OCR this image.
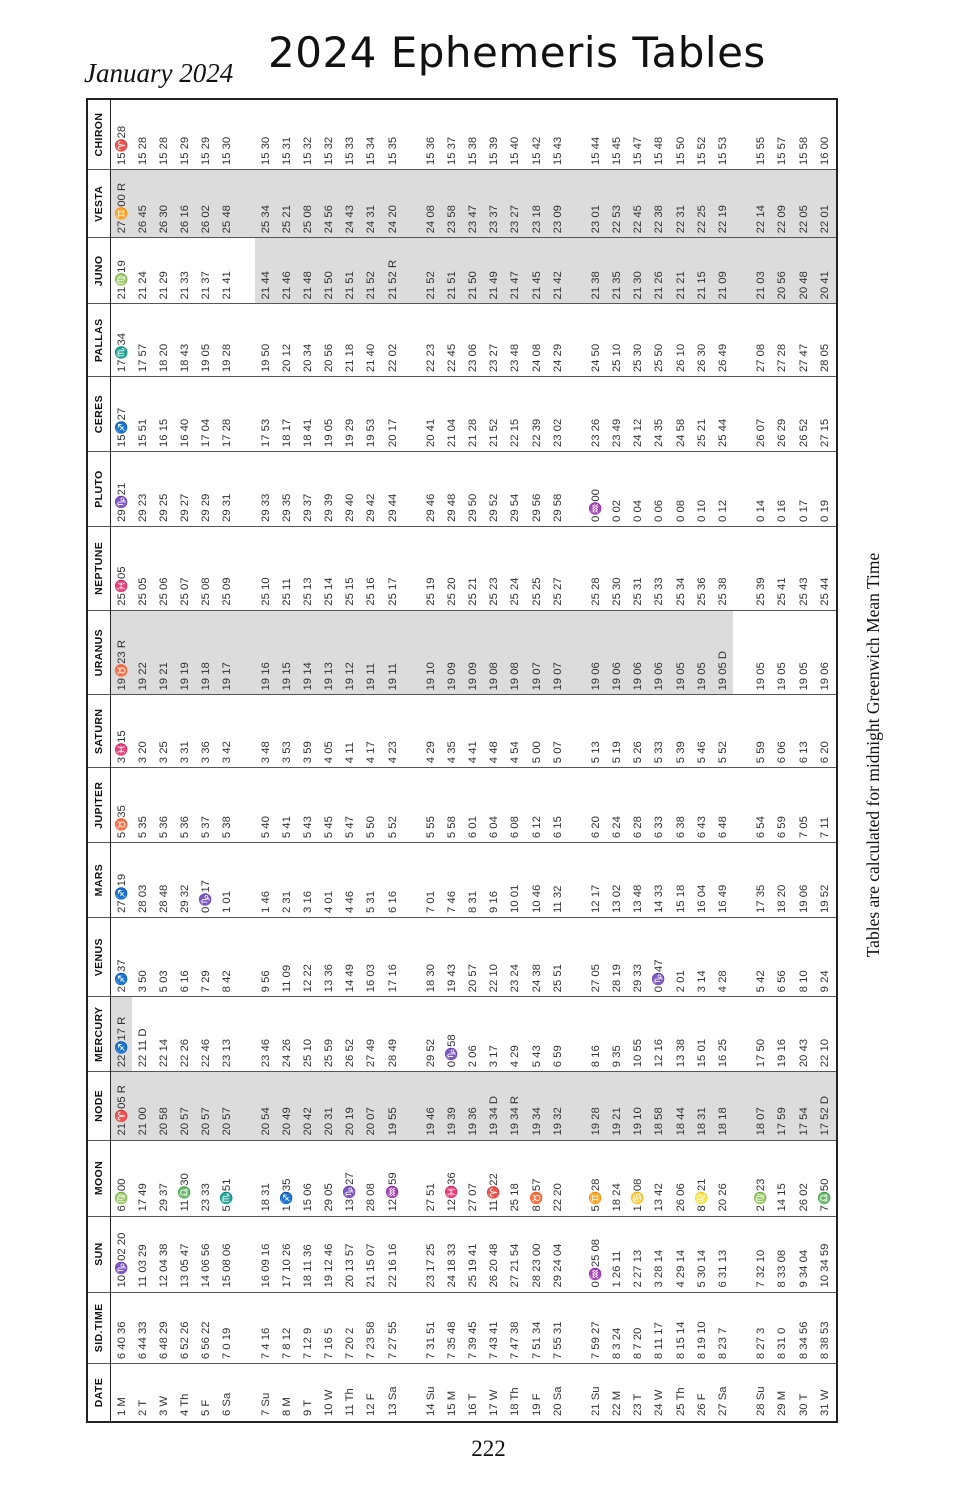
2024 Ephemeris Tables
January 2024
DATE	SID.TIME	SUN	MOON	NODE	MERCURY	VENUS	MARS	JUPITER	SATURN	URANUS	NEPTUNE	PLUTO	CERES	PALLAS	JUNO	VESTA	CHIRON
1 M	6 40 36	10♑02 20	6♍00	21♈05 R	22♐17 R	2♐37	27♐19	5♉35	3♓15	19♉23 R	25♓05	29♑21	15♐27	17♏34	21♍19	27♊00 R	15♈28
2 T	6 44 33	11 03 29	17 49	21 00	22 11 D	3 50	28 03	5 35	3 20	19 22	25 05	29 23	15 51	17 57	21 24	26 45	15 28
3 W	6 48 29	12 04 38	29 37	20 58	22 14	5 03	28 48	5 36	3 25	19 21	25 06	29 25	16 15	18 20	21 29	26 30	15 28
4 Th	6 52 26	13 05 47	11♎30	20 57	22 26	6 16	29 32	5 36	3 31	19 19	25 07	29 27	16 40	18 43	21 33	26 16	15 29
5 F	6 56 22	14 06 56	23 33	20 57	22 46	7 29	0♑17	5 37	3 36	19 18	25 08	29 29	17 04	19 05	21 37	26 02	15 29
6 Sa	7 0 19	15 08 06	5♏51	20 57	23 13	8 42	1 01	5 38	3 42	19 17	25 09	29 31	17 28	19 28	21 41	25 48	15 30

7 Su	7 4 16	16 09 16	18 31	20 54	23 46	9 56	1 46	5 40	3 48	19 16	25 10	29 33	17 53	19 50	21 44	25 34	15 30
8 M	7 8 12	17 10 26	1♐35	20 49	24 26	11 09	2 31	5 41	3 53	19 15	25 11	29 35	18 17	20 12	21 46	25 21	15 31
9 T	7 12 9	18 11 36	15 06	20 42	25 10	12 22	3 16	5 43	3 59	19 14	25 13	29 37	18 41	20 34	21 48	25 08	15 32
10 W	7 16 5	19 12 46	29 05	20 31	25 59	13 36	4 01	5 45	4 05	19 13	25 14	29 39	19 05	20 56	21 50	24 56	15 32
11 Th	7 20 2	20 13 57	13♑27	20 19	26 52	14 49	4 46	5 47	4 11	19 12	25 15	29 40	19 29	21 18	21 51	24 43	15 33
12 F	7 23 58	21 15 07	28 08	20 07	27 49	16 03	5 31	5 50	4 17	19 11	25 16	29 42	19 53	21 40	21 52	24 31	15 34
13 Sa	7 27 55	22 16 16	12♒59	19 55	28 49	17 16	6 16	5 52	4 23	19 11	25 17	29 44	20 17	22 02	21 52 R	24 20	15 35

14 Su	7 31 51	23 17 25	27 51	19 46	29 52	18 30	7 01	5 55	4 29	19 10	25 19	29 46	20 41	22 23	21 52	24 08	15 36
15 M	7 35 48	24 18 33	12♓36	19 39	0♑58	19 43	7 46	5 58	4 35	19 09	25 20	29 48	21 04	22 45	21 51	23 58	15 37
16 T	7 39 45	25 19 41	27 07	19 36	2 06	20 57	8 31	6 01	4 41	19 09	25 21	29 50	21 28	23 06	21 50	23 47	15 38
17 W	7 43 41	26 20 48	11♈22	19 34 D	3 17	22 10	9 16	6 04	4 48	19 08	25 23	29 52	21 52	23 27	21 49	23 37	15 39
18 Th	7 47 38	27 21 54	25 18	19 34 R	4 29	23 24	10 01	6 08	4 54	19 08	25 24	29 54	22 15	23 48	21 47	23 27	15 40
19 F	7 51 34	28 23 00	8♉57	19 34	5 43	24 38	10 46	6 12	5 00	19 07	25 25	29 56	22 39	24 08	21 45	23 18	15 42
20 Sa	7 55 31	29 24 04	22 20	19 32	6 59	25 51	11 32	6 15	5 07	19 07	25 27	29 58	23 02	24 29	21 42	23 09	15 43

21 Su	7 59 27	0♒25 08	5♊28	19 28	8 16	27 05	12 17	6 20	5 13	19 06	25 28	0♒00	23 26	24 50	21 38	23 01	15 44
22 M	8 3 24	1 26 11	18 24	19 21	9 35	28 19	13 02	6 24	5 19	19 06	25 30	0 02	23 49	25 10	21 35	22 53	15 45
23 T	8 7 20	2 27 13	1♋08	19 10	10 55	29 33	13 48	6 28	5 26	19 06	25 31	0 04	24 12	25 30	21 30	22 45	15 47
24 W	8 11 17	3 28 14	13 42	18 58	12 16	0♑47	14 33	6 33	5 33	19 06	25 33	0 06	24 35	25 50	21 26	22 38	15 48
25 Th	8 15 14	4 29 14	26 06	18 44	13 38	2 01	15 18	6 38	5 39	19 05	25 34	0 08	24 58	26 10	21 21	22 31	15 50
26 F	8 19 10	5 30 14	8♌21	18 31	15 01	3 14	16 04	6 43	5 46	19 05	25 36	0 10	25 21	26 30	21 15	22 25	15 52
27 Sa	8 23 7	6 31 13	20 26	18 18	16 25	4 28	16 49	6 48	5 52	19 05 D	25 38	0 12	25 44	26 49	21 09	22 19	15 53

28 Su	8 27 3	7 32 10	2♍23	18 07	17 50	5 42	17 35	6 54	5 59	19 05	25 39	0 14	26 07	27 08	21 03	22 14	15 55
29 M	8 31 0	8 33 08	14 15	17 59	19 16	6 56	18 20	6 59	6 06	19 05	25 41	0 16	26 29	27 28	20 56	22 09	15 57
30 T	8 34 56	9 34 04	26 02	17 54	20 43	8 10	19 06	7 05	6 13	19 05	25 43	0 17	26 52	27 47	20 48	22 05	15 58
31 W	8 38 53	10 34 59	7♎50	17 52 D	22 10	9 24	19 52	7 11	6 20	19 06	25 44	0 19	27 15	28 05	20 41	22 01	16 00
Tables are calculated for midnight Greenwich Mean Time
222
